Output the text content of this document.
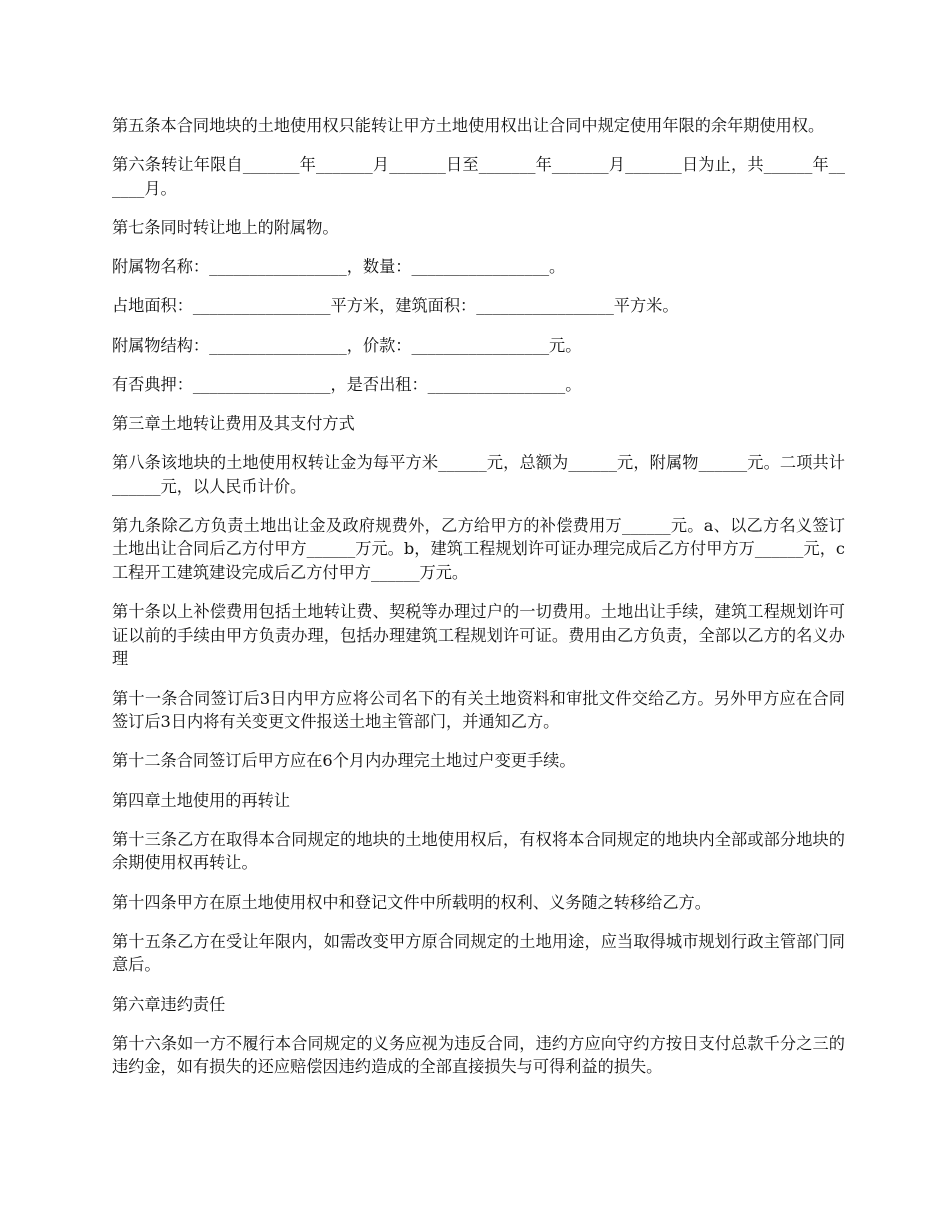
第五条本合同地块的土地使用权只能转让甲方土地使用权出让合同中规定使用年限的余年期使用权。

第六条转让年限自_______年_______月_______日至_______年_______月_______日为止，共______年______月。

第七条同时转让地上的附属物。

附属物名称：_________________，数量：_________________。

占地面积：_________________平方米，建筑面积：_________________平方米。

附属物结构：_________________，价款：_________________元。

有否典押：_________________，是否出租：_________________。

第三章土地转让费用及其支付方式

第八条该地块的土地使用权转让金为每平方米______元，总额为______元，附属物______元。二项共计______元，以人民币计价。

第九条除乙方负责土地出让金及政府规费外，乙方给甲方的补偿费用万______元。a、以乙方名义签订土地出让合同后乙方付甲方______万元。b，建筑工程规划许可证办理完成后乙方付甲方万______元，c工程开工建筑建设完成后乙方付甲方______万元。

第十条以上补偿费用包括土地转让费、契税等办理过户的一切费用。土地出让手续，建筑工程规划许可证以前的手续由甲方负责办理，包括办理建筑工程规划许可证。费用由乙方负责，全部以乙方的名义办理

第十一条合同签订后3日内甲方应将公司名下的有关土地资料和审批文件交给乙方。另外甲方应在合同签订后3日内将有关变更文件报送土地主管部门，并通知乙方。

第十二条合同签订后甲方应在6个月内办理完土地过户变更手续。

第四章土地使用的再转让

第十三条乙方在取得本合同规定的地块的土地使用权后，有权将本合同规定的地块内全部或部分地块的余期使用权再转让。

第十四条甲方在原土地使用权中和登记文件中所载明的权利、义务随之转移给乙方。

第十五条乙方在受让年限内，如需改变甲方原合同规定的土地用途，应当取得城市规划行政主管部门同意后。

第六章违约责任

第十六条如一方不履行本合同规定的义务应视为违反合同，违约方应向守约方按日支付总款千分之三的违约金，如有损失的还应赔偿因违约造成的全部直接损失与可得利益的损失。
